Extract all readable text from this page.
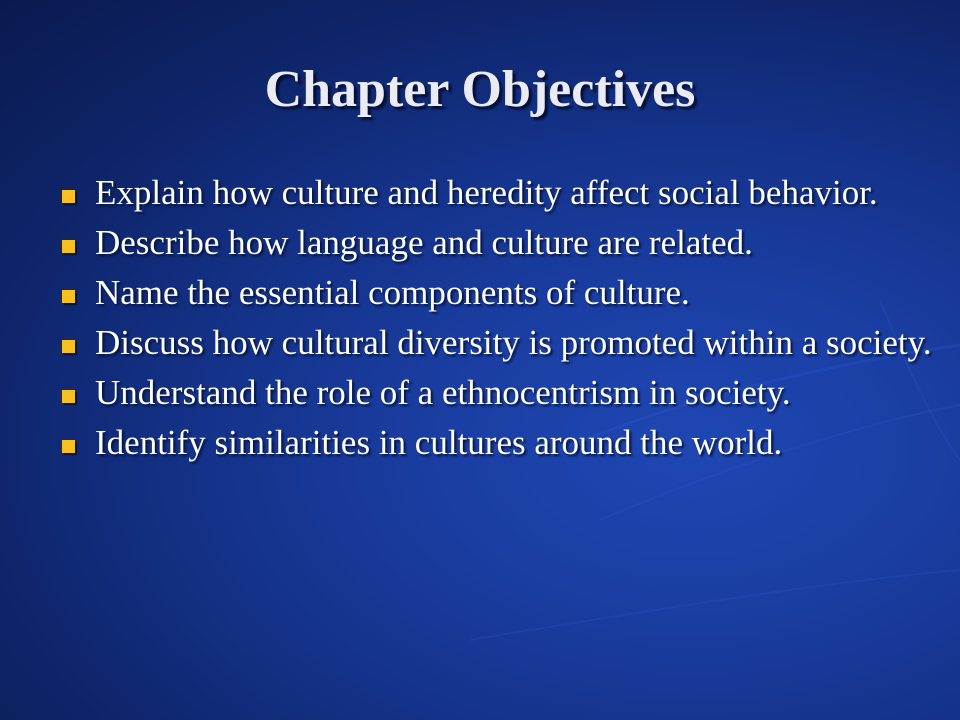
Chapter Objectives
Explain how culture and heredity affect social behavior.
Describe how language and culture are related.
Name the essential components of culture.
Discuss how cultural diversity is promoted within a society.
Understand the role of a ethnocentrism in society.
Identify similarities in cultures around the world.
